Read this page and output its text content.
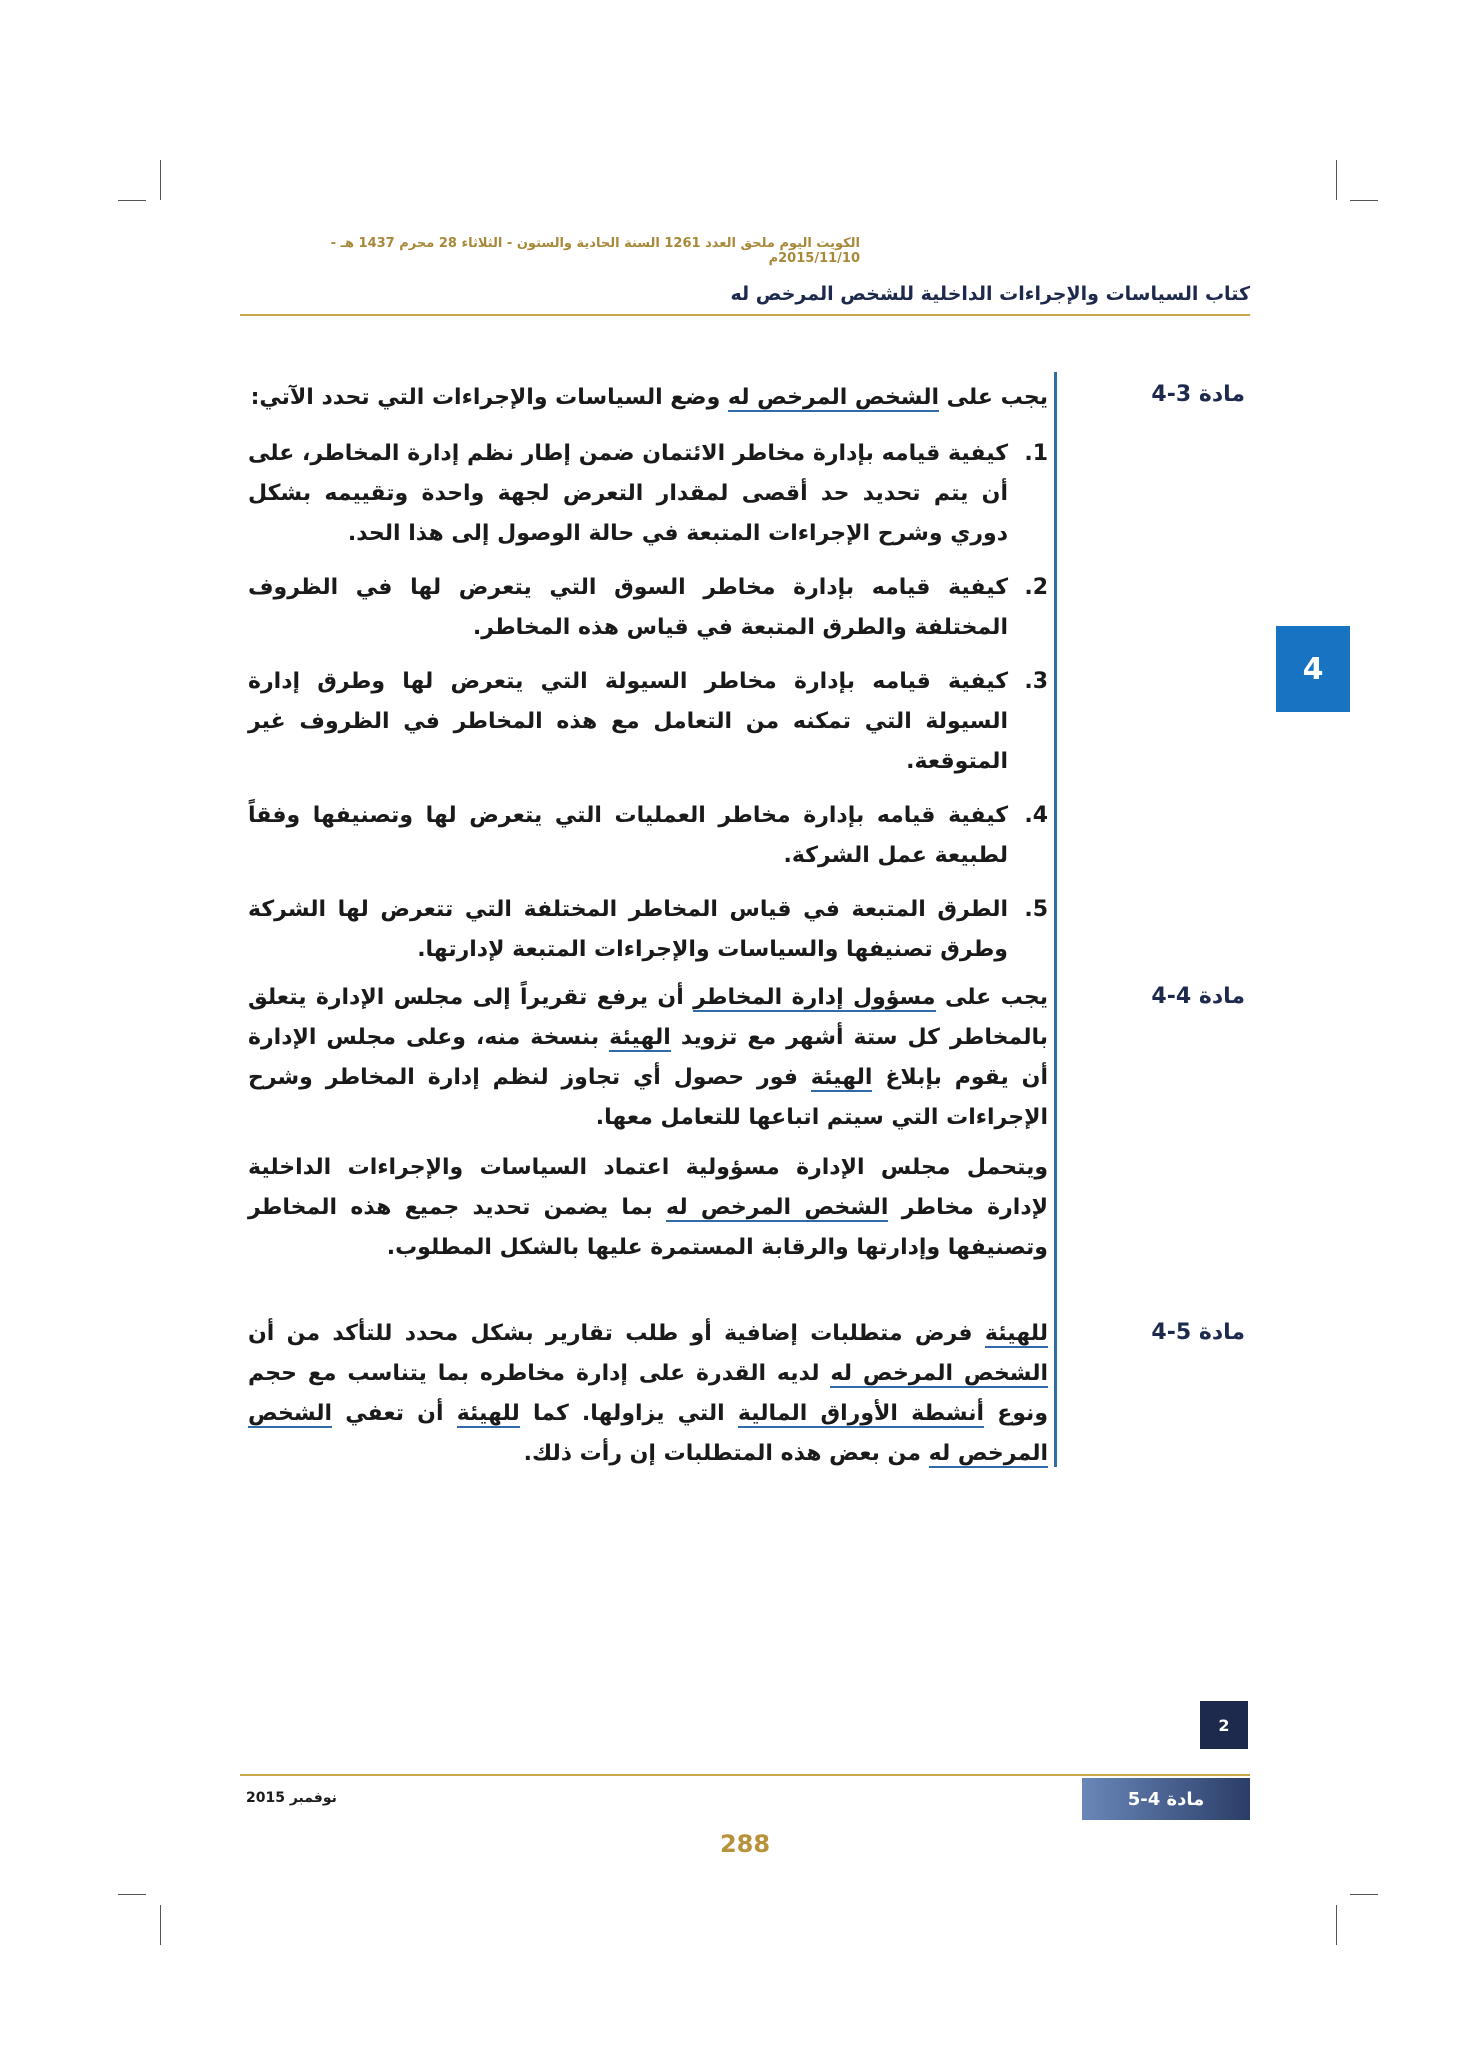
الكويت اليوم ملحق العدد 1261 السنة الحادية والستون - الثلاثاء 28 محرم 1437 هـ - 2015/11/10م
كتاب السياسات والإجراءات الداخلية للشخص المرخص له
4
مادة 3-4
يجب على الشخص المرخص له وضع السياسات والإجراءات التي تحدد الآتي:
1.
كيفية قيامه بإدارة مخاطر الائتمان ضمن إطار نظم إدارة المخاطر، على أن يتم تحديد حد أقصى لمقدار التعرض لجهة واحدة وتقييمه بشكل دوري وشرح الإجراءات المتبعة في حالة الوصول إلى هذا الحد.
2.
كيفية قيامه بإدارة مخاطر السوق التي يتعرض لها في الظروف المختلفة والطرق المتبعة في قياس هذه المخاطر.
3.
كيفية قيامه بإدارة مخاطر السيولة التي يتعرض لها وطرق إدارة السيولة التي تمكنه من التعامل مع هذه المخاطر في الظروف غير المتوقعة.
4.
كيفية قيامه بإدارة مخاطر العمليات التي يتعرض لها وتصنيفها وفقاً لطبيعة عمل الشركة.
5.
الطرق المتبعة في قياس المخاطر المختلفة التي تتعرض لها الشركة وطرق تصنيفها والسياسات والإجراءات المتبعة لإدارتها.
مادة 4-4
يجب على مسؤول إدارة المخاطر أن يرفع تقريراً إلى مجلس الإدارة يتعلق بالمخاطر كل ستة أشهر مع تزويد الهيئة بنسخة منه، وعلى مجلس الإدارة أن يقوم بإبلاغ الهيئة فور حصول أي تجاوز لنظم إدارة المخاطر وشرح الإجراءات التي سيتم اتباعها للتعامل معها.
ويتحمل مجلس الإدارة مسؤولية اعتماد السياسات والإجراءات الداخلية لإدارة مخاطر الشخص المرخص له بما يضمن تحديد جميع هذه المخاطر وتصنيفها وإدارتها والرقابة المستمرة عليها بالشكل المطلوب.
مادة 5-4
للهيئة فرض متطلبات إضافية أو طلب تقارير بشكل محدد للتأكد من أن الشخص المرخص له لديه القدرة على إدارة مخاطره بما يتناسب مع حجم ونوع أنشطة الأوراق المالية التي يزاولها. كما للهيئة أن تعفي الشخص المرخص له من بعض هذه المتطلبات إن رأت ذلك.
2
نوفمبر 2015	مادة 4-5
288
